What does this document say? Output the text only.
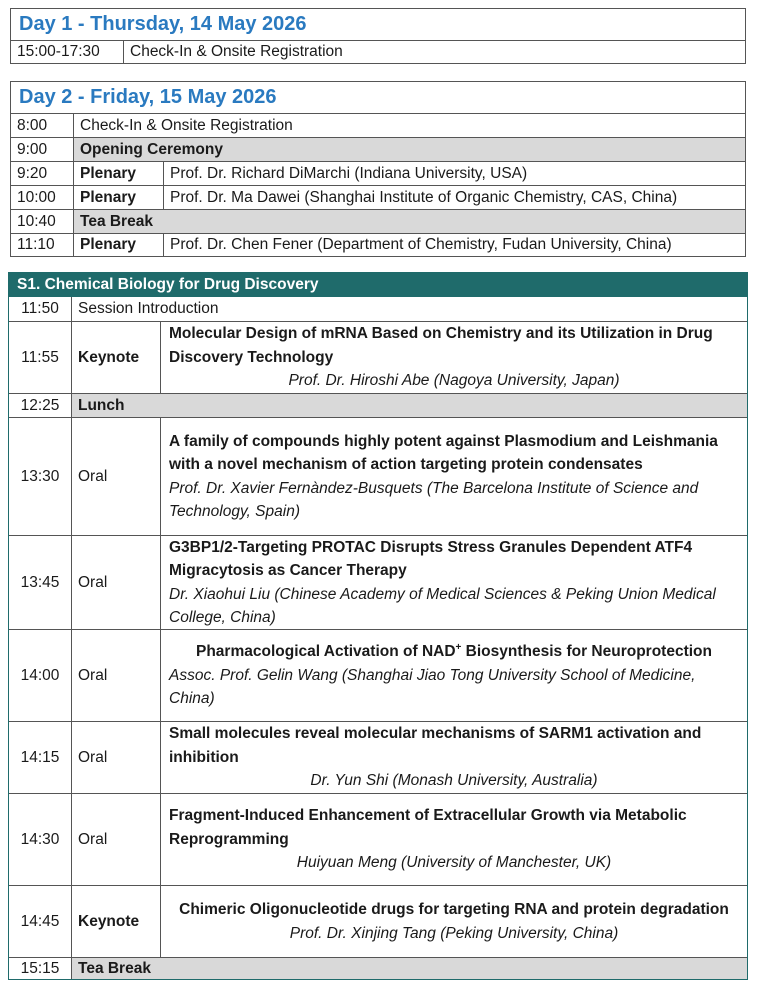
Day 1 - Thursday, 14 May 2026
15:00-17:30	Check-In & Onsite Registration
Day 2 - Friday, 15 May 2026
8:00	Check-In & Onsite Registration
9:00	Opening Ceremony
9:20	Plenary	Prof. Dr. Richard DiMarchi (Indiana University, USA)
10:00	Plenary	Prof. Dr. Ma Dawei (Shanghai Institute of Organic Chemistry, CAS, China)
10:40	Tea Break
11:10	Plenary	Prof. Dr. Chen Fener (Department of Chemistry, Fudan University, China)
S1. Chemical Biology for Drug Discovery
11:50	Session Introduction
11:55	Keynote
Molecular Design of mRNA Based on Chemistry and its Utilization in Drug Discovery Technology
Prof. Dr. Hiroshi Abe (Nagoya University, Japan)
12:25	Lunch
13:30	Oral
A family of compounds highly potent against Plasmodium and Leishmania with a novel mechanism of action targeting protein condensates
Prof. Dr. Xavier Fernàndez-Busquets (The Barcelona Institute of Science and Technology, Spain)
13:45	Oral
G3BP1/2-Targeting PROTAC Disrupts Stress Granules Dependent ATF4 Migracytosis as Cancer Therapy
Dr. Xiaohui Liu (Chinese Academy of Medical Sciences & Peking Union Medical College, China)
14:00	Oral
Pharmacological Activation of NAD+ Biosynthesis for Neuroprotection
Assoc. Prof. Gelin Wang (Shanghai Jiao Tong University School of Medicine, China)
14:15	Oral
Small molecules reveal molecular mechanisms of SARM1 activation and inhibition
Dr. Yun Shi (Monash University, Australia)
14:30	Oral
Fragment-Induced Enhancement of Extracellular Growth via Metabolic Reprogramming
Huiyuan Meng (University of Manchester, UK)
14:45	Keynote
Chimeric Oligonucleotide drugs for targeting RNA and protein degradation
Prof. Dr. Xinjing Tang (Peking University, China)
15:15	Tea Break
